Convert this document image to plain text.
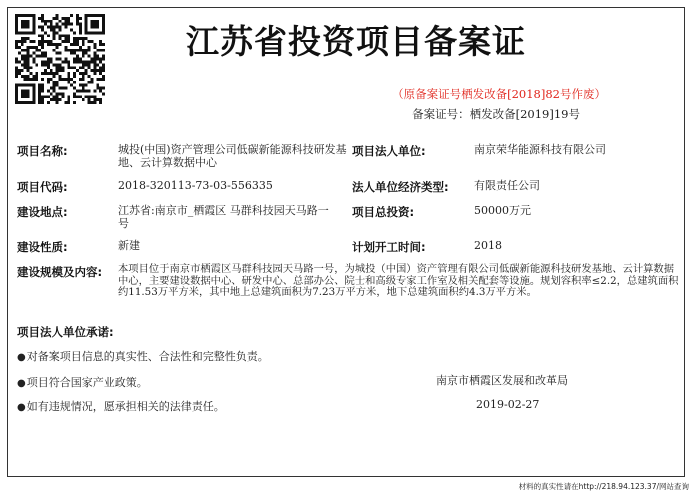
江苏省投资项目备案证
（原备案证号栖发改备[2018]82号作废）
备案证号：栖发改备[2019]19号
项目名称:	城投(中国)资产管理公司低碳新能源科技研发基地、云计算数据中心
项目法人单位:	南京荣华能源科技有限公司
项目代码:	2018-320113-73-03-556335	法人单位经济类型: 有限责任公司
建设地点:	江苏省:南京市_栖霞区 马群科技园天马路一号
项目总投资:	50000万元
建设性质:	新建	计划开工时间:	2018
建设规模及内容: 本项目位于南京市栖霞区马群科技园天马路一号，为城投（中国）资产管理有限公司低碳新能源科技研发基地、云计算数据中心，主要建设数据中心、研发中心、总部办公、院士和高级专家工作室及相关配套等设施。规划容积率≤2.2，总建筑面积约11.53万平方米，其中地上总建筑面积为7.23万平方米，地下总建筑面积约4.3万平方米。
项目法人单位承诺:
●对备案项目信息的真实性、合法性和完整性负责。
●项目符合国家产业政策。
●如有违规情况，愿承担相关的法律责任。
南京市栖霞区发展和改革局
2019-02-27
材料的真实性请在http://218.94.123.37/网站查询
